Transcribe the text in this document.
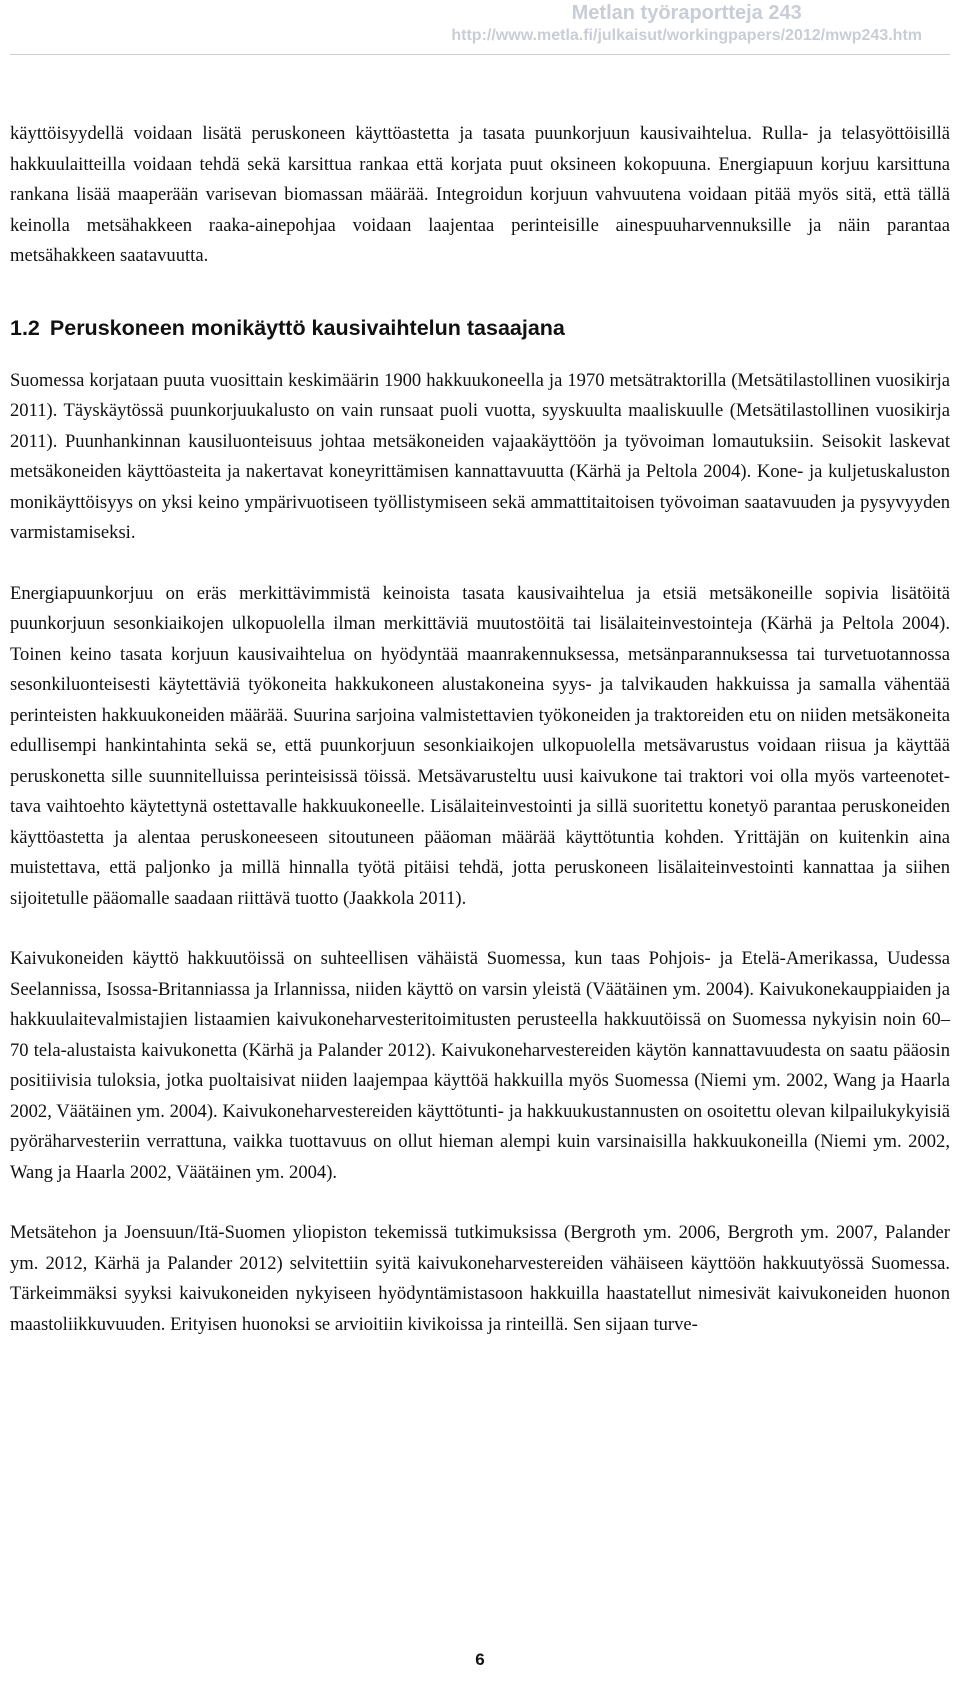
Metlan työraportteja 243
http://www.metla.fi/julkaisut/workingpapers/2012/mwp243.htm

käyttöisyydellä voidaan lisätä peruskoneen käyttöastetta ja tasata puunkorjuun kausivaihtelua. Rulla- ja telasyöttöisillä hakkuulaitteilla voidaan tehdä sekä karsittua rankaa että korjata puut oksineen kokopuuna. Energiapuun korjuu karsittuna rankana lisää maaperään varisevan biomassan määrää. Integroidun korjuun vahvuutena voidaan pitää myös sitä, että tällä keinolla metsähakkeen raaka-ainepohjaa voidaan laajentaa perinteisille ainespuuharvennuksille ja näin parantaa metsähakkeen saatavuutta.

1.2 Peruskoneen monikäyttö kausivaihtelun tasaajana

Suomessa korjataan puuta vuosittain keskimäärin 1900 hakkuukoneella ja 1970 metsätraktorilla (Metsätilastollinen vuosikirja 2011). Täyskäytössä puunkorjuukalusto on vain runsaat puoli vuotta, syyskuulta maaliskuulle (Metsätilastollinen vuosikirja 2011). Puunhankinnan kausiluonteisuus johtaa metsäkoneiden vajaakäyttöön ja työvoiman lomautuksiin. Seisokit laskevat metsäkoneiden käyttöasteita ja nakertavat koneyrittämisen kannattavuutta (Kärhä ja Peltola 2004). Kone- ja kuljetuskaluston monikäyttöisyys on yksi keino ympärivuotiseen työllistymiseen sekä ammattitaitoisen työvoiman saatavuuden ja pysyvyyden varmistamiseksi.

Energiapuunkorjuu on eräs merkittävimmistä keinoista tasata kausivaihtelua ja etsiä metsäkoneille sopivia lisätöitä puunkorjuun sesonkiaikojen ulkopuolella ilman merkittäviä muutostöitä tai lisälaiteinvestointeja (Kärhä ja Peltola 2004). Toinen keino tasata korjuun kausivaihtelua on hyödyntää maanrakennuksessa, metsänparannuksessa tai turvetuotannossa sesonkiluonteisesti käytettäviä työkoneita hakkukoneen alustakoneina syys- ja talvikauden hakkuissa ja samalla vähentää perinteisten hakkuukoneiden määrää. Suurina sarjoina valmistettavien työkoneiden ja traktoreiden etu on niiden metsäkoneita edullisempi hankintahinta sekä se, että puunkorjuun sesonkiaikojen ulkopuolella metsävarustus voidaan riisua ja käyttää peruskonetta sille suunnitelluissa perinteisissä töissä. Metsävarusteltu uusi kaivukone tai traktori voi olla myös varteenotettava vaihtoehto käytettynä ostettavalle hakkuukoneelle. Lisälaiteinvestointi ja sillä suoritettu konetyö parantaa peruskoneiden käyttöastetta ja alentaa peruskoneeseen sitoutuneen pääoman määrää käyttötuntia kohden. Yrittäjän on kuitenkin aina muistettava, että paljonko ja millä hinnalla työtä pitäisi tehdä, jotta peruskoneen lisälaiteinvestointi kannattaa ja siihen sijoitetulle pääomalle saadaan riittävä tuotto (Jaakkola 2011).

Kaivukoneiden käyttö hakkuutöissä on suhteellisen vähäistä Suomessa, kun taas Pohjois- ja Etelä-Amerikassa, Uudessa Seelannissa, Isossa-Britanniassa ja Irlannissa, niiden käyttö on varsin yleistä (Väätäinen ym. 2004). Kaivukonekauppiaiden ja hakkuulaitevalmistajien listaamien kaivukoneharvesteritoimitusten perusteella hakkuutöissä on Suomessa nykyisin noin 60–70 tela-alustaista kaivukonetta (Kärhä ja Palander 2012). Kaivukoneharvestereiden käytön kannattavuudesta on saatu pääosin positiivisia tuloksia, jotka puoltaisivat niiden laajempaa käyttöä hakkuilla myös Suomessa (Niemi ym. 2002, Wang ja Haarla 2002, Väätäinen ym. 2004). Kaivukoneharvestereiden käyttötunti- ja hakkuukustannusten on osoitettu olevan kilpailukykyisiä pyöräharvesteriin verrattuna, vaikka tuottavuus on ollut hieman alempi kuin varsinaisilla hakkuukoneilla (Niemi ym. 2002, Wang ja Haarla 2002, Väätäinen ym. 2004).

Metsätehon ja Joensuun/Itä-Suomen yliopiston tekemissä tutkimuksissa (Bergroth ym. 2006, Bergroth ym. 2007, Palander ym. 2012, Kärhä ja Palander 2012) selvitettiin syitä kaivukoneharvestereiden vähäiseen käyttöön hakkuutyössä Suomessa. Tärkeimmäksi syyksi kaivukoneiden nykyiseen hyödyntämistasoon hakkuilla haastatellut nimesivät kaivukoneiden huonon maastoliikkuvuuden. Erityisen huonoksi se arvioitiin kivikoissa ja rinteillä. Sen sijaan turve-

6
